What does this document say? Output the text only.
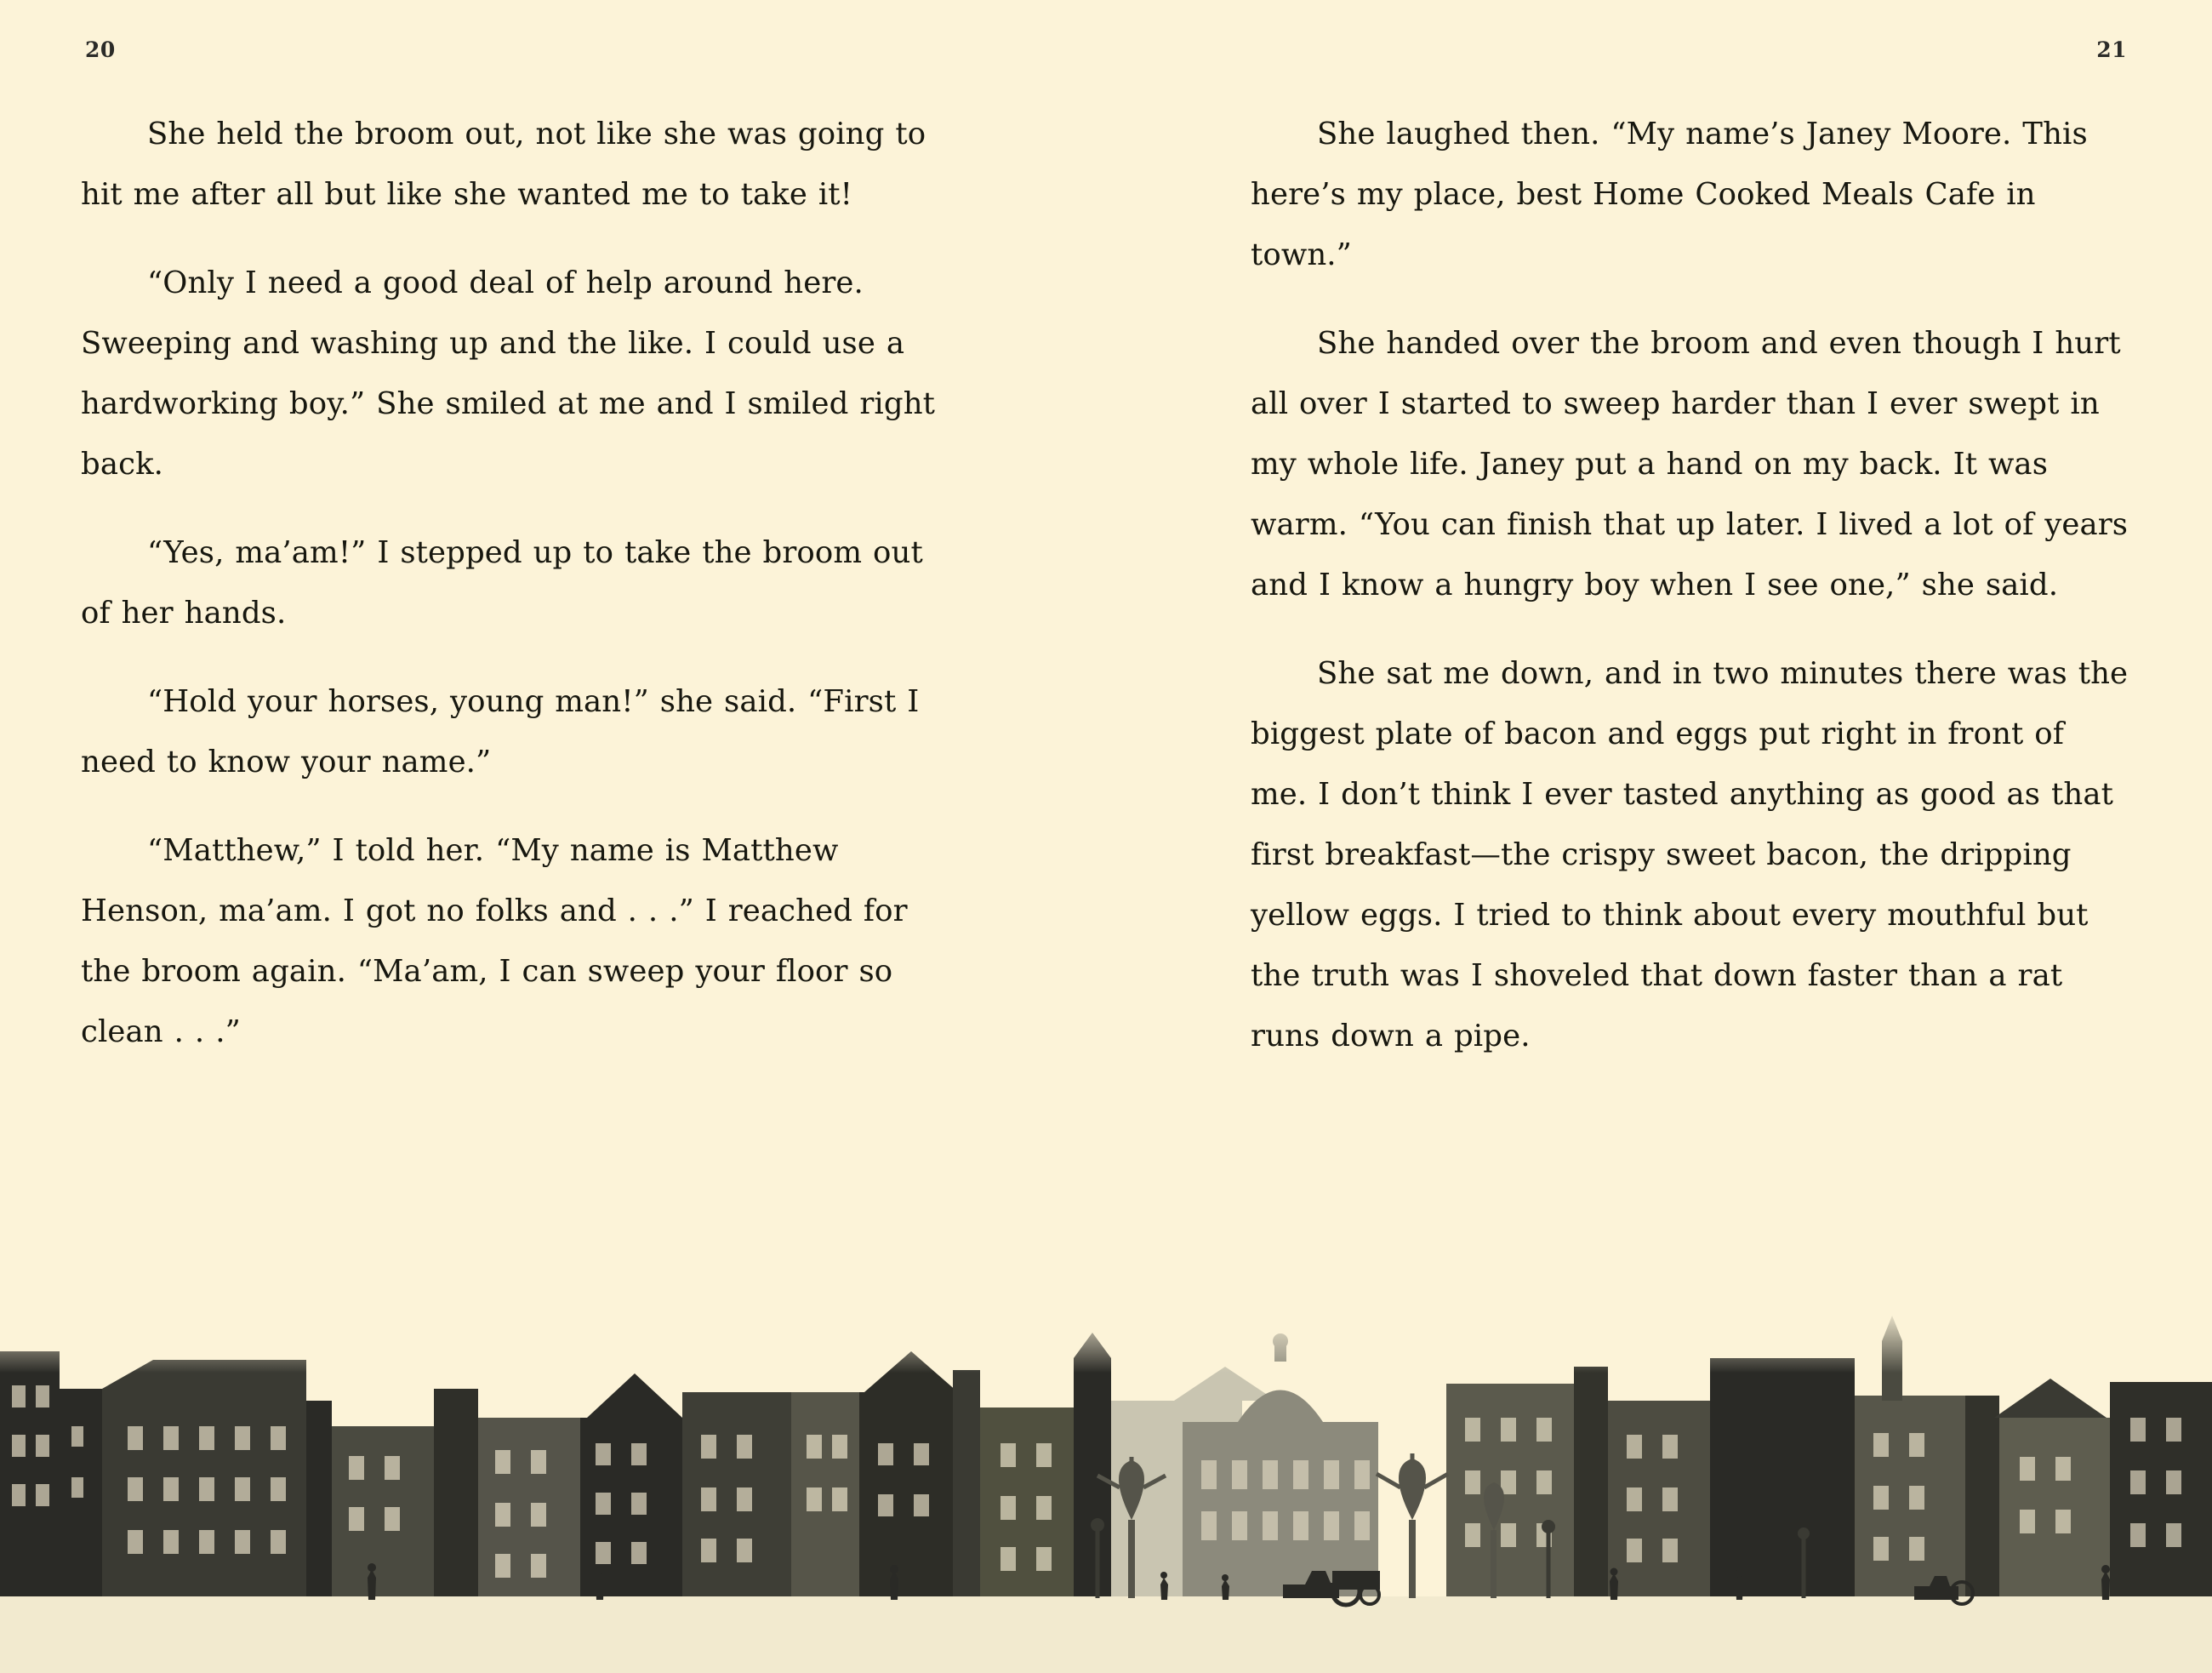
20	21

She held the broom out, not like she was going to hit me after all but like she wanted me to take it!

“Only I need a good deal of help around here. Sweeping and washing up and the like. I could use a hardworking boy.” She smiled at me and I smiled right back.

“Yes, ma’am!” I stepped up to take the broom out of her hands.

“Hold your horses, young man!” she said. “First I need to know your name.”

“Matthew,” I told her. “My name is Matthew Henson, ma’am. I got no folks and . . .” I reached for the broom again. “Ma’am, I can sweep your floor so clean . . .”

She laughed then. “My name’s Janey Moore. This here’s my place, best Home Cooked Meals Cafe in town.”

She handed over the broom and even though I hurt all over I started to sweep harder than I ever swept in my whole life. Janey put a hand on my back. It was warm. “You can finish that up later. I lived a lot of years and I know a hungry boy when I see one,” she said.

She sat me down, and in two minutes there was the biggest plate of bacon and eggs put right in front of me. I don’t think I ever tasted anything as good as that first breakfast—the crispy sweet bacon, the dripping yellow eggs. I tried to think about every mouthful but the truth was I shoveled that down faster than a rat runs down a pipe.
